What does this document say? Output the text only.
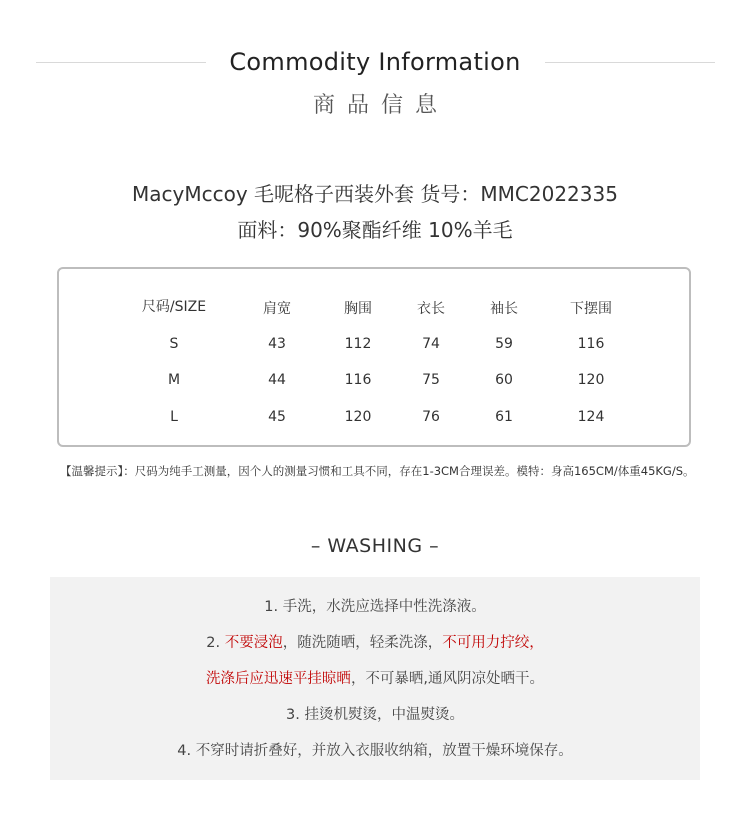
Commodity Information
商品信息
MacyMccoy 毛呢格子西装外套 货号：MMC2022335
面料：90%聚酯纤维 10%羊毛
尺码/SIZE	肩宽	胸围	衣长	袖长	下摆围
S	43	112	74	59	116
M	44	116	75	60	120
L	45	120	76	61	124
【温馨提示】：尺码为纯手工测量，因个人的测量习惯和工具不同，存在1-3CM合理误差。模特：身高165CM/体重45KG/S。
– WASHING –
1. 手洗，水洗应选择中性洗涤液。
2. 不要浸泡，随洗随晒，轻柔洗涤，不可用力拧绞，
洗涤后应迅速平挂晾晒，不可暴晒,通风阴凉处晒干。
3. 挂烫机熨烫，中温熨烫。
4. 不穿时请折叠好，并放入衣服收纳箱，放置干燥环境保存。
